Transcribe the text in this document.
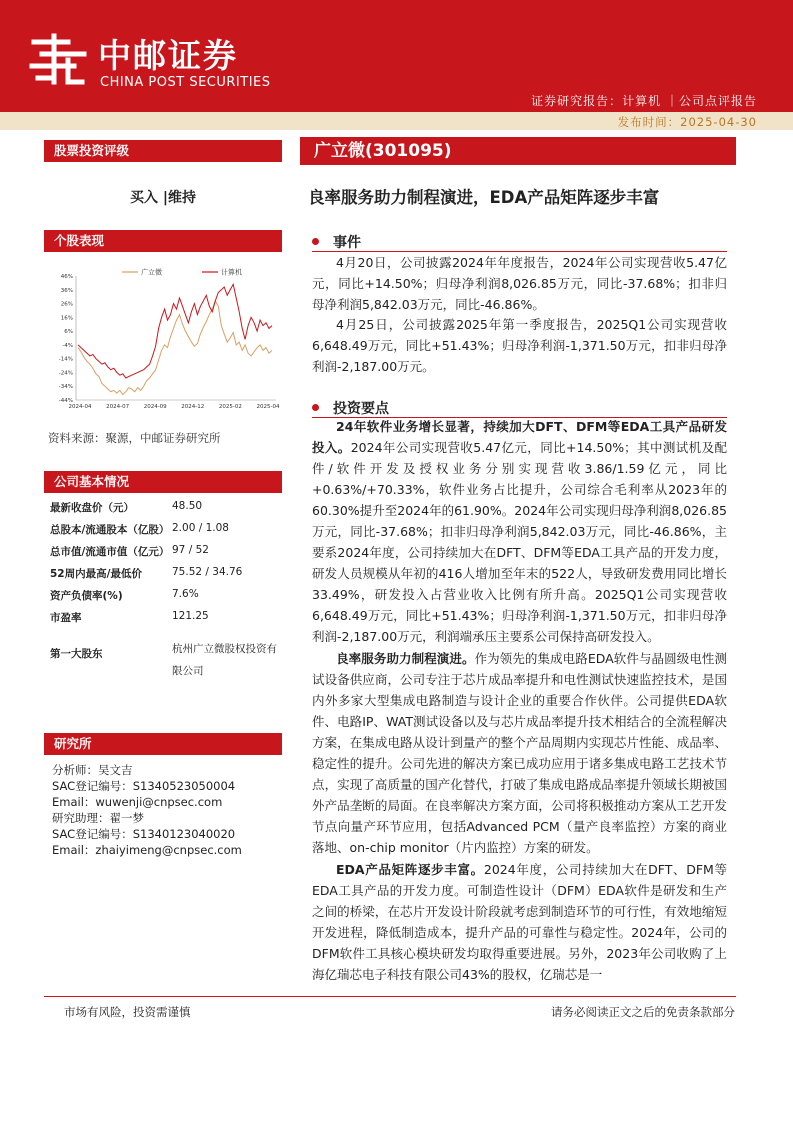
中邮证券
CHINA POST SECURITIES
证券研究报告：计算机 ｜公司点评报告
发布时间：2025-04-30
股票投资评级
买入 |维持
个股表现
46%
36%
26%
16%
6%
-4%
-14%
-24%
-34%
-44%
2024-04	2024-07	2024-09	2024-12	2025-02	2025-04
广立微	计算机
资料来源：聚源，中邮证券研究所
公司基本情况
最新收盘价（元）	48.50
总股本/流通股本（亿股） 2.00 / 1.08
总市值/流通市值（亿元） 97 / 52
52周内最高/最低价	75.52 / 34.76
资产负债率(%)	7.6%
市盈率	121.25
第一大股东	杭州广立微股权投资有限公司
研究所
分析师：吴文吉
SAC登记编号：S1340523050004
Email：wuwenji@cnpsec.com
研究助理：翟一梦
SAC登记编号：S1340123040020
Email：zhaiyimeng@cnpsec.com
广立微(301095)
良率服务助力制程演进，EDA产品矩阵逐步丰富
事件
4月20日，公司披露2024年年度报告，2024年公司实现营收5.47亿元，同比+14.50%；归母净利润8,026.85万元，同比-37.68%；扣非归母净利润5,842.03万元，同比-46.86%。
4月25日，公司披露2025年第一季度报告，2025Q1公司实现营收6,648.49万元，同比+51.43%；归母净利润-1,371.50万元，扣非归母净利润-2,187.00万元。
投资要点
24年软件业务增长显著，持续加大DFT、DFM等EDA工具产品研发投入。2024年公司实现营收5.47亿元，同比+14.50%；其中测试机及配件/软件开发及授权业务分别实现营收3.86/1.59亿元，同比+0.63%/+70.33%，软件业务占比提升，公司综合毛利率从2023年的60.30%提升至2024年的61.90%。2024年公司实现归母净利润8,026.85万元，同比-37.68%；扣非归母净利润5,842.03万元，同比-46.86%，主要系2024年度，公司持续加大在DFT、DFM等EDA工具产品的开发力度，研发人员规模从年初的416人增加至年末的522人，导致研发费用同比增长33.49%，研发投入占营业收入比例有所升高。2025Q1公司实现营收6,648.49万元，同比+51.43%；归母净利润-1,371.50万元，扣非归母净利润-2,187.00万元，利润端承压主要系公司保持高研发投入。
良率服务助力制程演进。作为领先的集成电路EDA软件与晶圆级电性测试设备供应商，公司专注于芯片成品率提升和电性测试快速监控技术，是国内外多家大型集成电路制造与设计企业的重要合作伙伴。公司提供EDA软件、电路IP、WAT测试设备以及与芯片成品率提升技术相结合的全流程解决方案，在集成电路从设计到量产的整个产品周期内实现芯片性能、成品率、稳定性的提升。公司先进的解决方案已成功应用于诸多集成电路工艺技术节点，实现了高质量的国产化替代，打破了集成电路成品率提升领域长期被国外产品垄断的局面。在良率解决方案方面，公司将积极推动方案从工艺开发节点向量产环节应用，包括Advanced PCM（量产良率监控）方案的商业落地、on-chip monitor（片内监控）方案的研发。
市场有风险，投资需谨慎	请务必阅读正文之后的免责条款部分
EDA产品矩阵逐步丰富。2024年度，公司持续加大在DFT、DFM等EDA工具产品的开发力度。可制造性设计（DFM）EDA软件是研发和生产之间的桥梁，在芯片开发设计阶段就考虑到制造环节的可行性，有效地缩短开发进程，降低制造成本，提升产品的可靠性与稳定性。2024年，公司的DFM软件工具核心模块研发均取得重要进展。另外，2023年公司收购了上海亿瑞芯电子科技有限公司43%的股权，亿瑞芯是一
